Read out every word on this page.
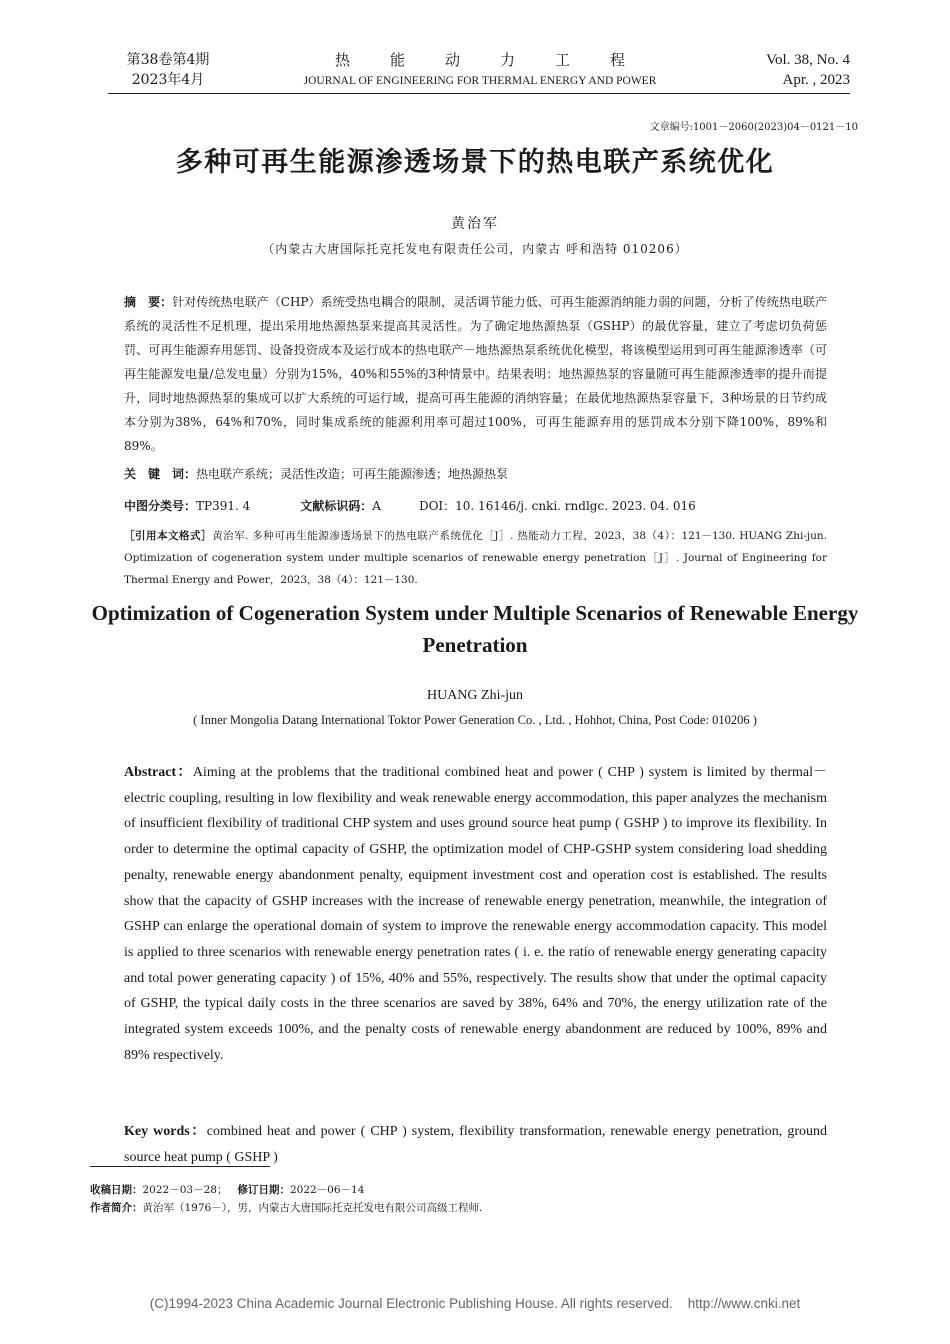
第38卷第4期
2023年4月
热能动力工程
JOURNAL OF ENGINEERING FOR THERMAL ENERGY AND POWER
Vol. 38, No. 4
Apr. , 2023
文章编号:1001－2060(2023)04－0121－10
多种可再生能源渗透场景下的热电联产系统优化
黄治军
（内蒙古大唐国际托克托发电有限责任公司，内蒙古 呼和浩特 010206）
摘　要：针对传统热电联产（CHP）系统受热电耦合的限制，灵活调节能力低、可再生能源消纳能力弱的问题，分析了传统热电联产系统的灵活性不足机理，提出采用地热源热泵来提高其灵活性。为了确定地热源热泵（GSHP）的最优容量，建立了考虑切负荷惩罚、可再生能源弃用惩罚、设备投资成本及运行成本的热电联产－地热源热泵系统优化模型，将该模型运用到可再生能源渗透率（可再生能源发电量/总发电量）分别为15%，40%和55%的3种情景中。结果表明：地热源热泵的容量随可再生能源渗透率的提升而提升，同时地热源热泵的集成可以扩大系统的可运行域，提高可再生能源的消纳容量；在最优地热源热泵容量下，3种场景的日节约成本分别为38%，64%和70%，同时集成系统的能源利用率可超过100%，可再生能源弃用的惩罚成本分别下降100%，89%和89%。
关　键　词：热电联产系统；灵活性改造；可再生能源渗透；地热源热泵
中图分类号：TP391. 4	文献标识码：A	DOI：10. 16146/j. cnki. rndlgc. 2023. 04. 016
［引用本文格式］黄治军. 多种可再生能源渗透场景下的热电联产系统优化［J］. 热能动力工程，2023，38（4）：121－130. HUANG Zhi-jun. Optimization of cogeneration system under multiple scenarios of renewable energy penetration［J］. Journal of Engineering for Thermal Energy and Power，2023，38（4）：121－130.
Optimization of Cogeneration System under Multiple Scenarios of Renewable Energy Penetration
HUANG Zhi-jun
( Inner Mongolia Datang International Toktor Power Generation Co. , Ltd. , Hohhot, China, Post Code: 010206 )
Abstract：Aiming at the problems that the traditional combined heat and power ( CHP ) system is limited by thermal－electric coupling, resulting in low flexibility and weak renewable energy accommodation, this paper analyzes the mechanism of insufficient flexibility of traditional CHP system and uses ground source heat pump ( GSHP ) to improve its flexibility. In order to determine the optimal capacity of GSHP, the optimization model of CHP-GSHP system considering load shedding penalty, renewable energy abandonment penalty, equipment investment cost and operation cost is established. The results show that the capacity of GSHP increases with the increase of renewable energy penetration, meanwhile, the integration of GSHP can enlarge the operational domain of system to improve the renewable energy accommodation capacity. This model is applied to three scenarios with renewable energy penetration rates ( i. e. the ratio of renewable energy generating capacity and total power generating capacity ) of 15%, 40% and 55%, respectively. The results show that under the optimal capacity of GSHP, the typical daily costs in the three scenarios are saved by 38%, 64% and 70%, the energy utilization rate of the integrated system exceeds 100%, and the penalty costs of renewable energy abandonment are reduced by 100%, 89% and 89% respectively.
Key words：combined heat and power ( CHP ) system, flexibility transformation, renewable energy penetration, ground source heat pump ( GSHP )
收稿日期：2022－03－28； 修订日期：2022－06－14
作者简介：黄治军（1976－），男，内蒙古大唐国际托克托发电有限公司高级工程师.
(C)1994-2023 China Academic Journal Electronic Publishing House. All rights reserved.    http://www.cnki.net
